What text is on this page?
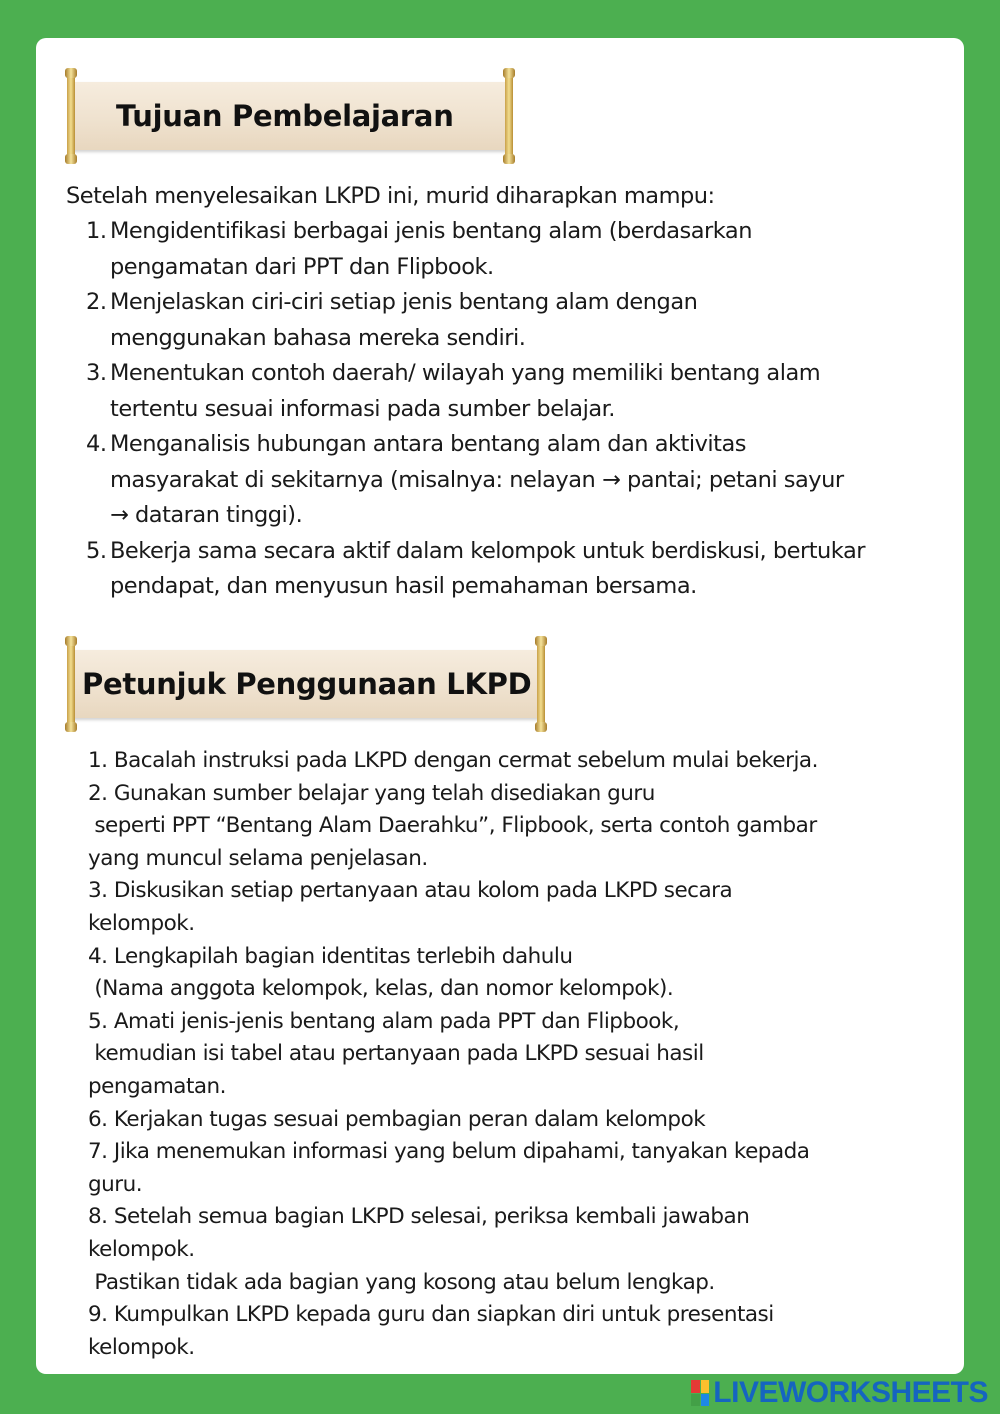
Tujuan Pembelajaran
Setelah menyelesaikan LKPD ini, murid diharapkan mampu:
1. Mengidentifikasi berbagai jenis bentang alam (berdasarkan
pengamatan dari PPT dan Flipbook.
2. Menjelaskan ciri-ciri setiap jenis bentang alam dengan
menggunakan bahasa mereka sendiri.
3. Menentukan contoh daerah/ wilayah yang memiliki bentang alam
tertentu sesuai informasi pada sumber belajar.
4. Menganalisis hubungan antara bentang alam dan aktivitas
masyarakat di sekitarnya (misalnya: nelayan → pantai; petani sayur
→ dataran tinggi).
5. Bekerja sama secara aktif dalam kelompok untuk berdiskusi, bertukar
pendapat, dan menyusun hasil pemahaman bersama.
Petunjuk Penggunaan LKPD
1. Bacalah instruksi pada LKPD dengan cermat sebelum mulai bekerja.
2. Gunakan sumber belajar yang telah disediakan guru
seperti PPT “Bentang Alam Daerahku”, Flipbook, serta contoh gambar
yang muncul selama penjelasan.
3. Diskusikan setiap pertanyaan atau kolom pada LKPD secara
kelompok.
4. Lengkapilah bagian identitas terlebih dahulu
(Nama anggota kelompok, kelas, dan nomor kelompok).
5. Amati jenis-jenis bentang alam pada PPT dan Flipbook,
kemudian isi tabel atau pertanyaan pada LKPD sesuai hasil
pengamatan.
6. Kerjakan tugas sesuai pembagian peran dalam kelompok
7. Jika menemukan informasi yang belum dipahami, tanyakan kepada
guru.
8. Setelah semua bagian LKPD selesai, periksa kembali jawaban
kelompok.
Pastikan tidak ada bagian yang kosong atau belum lengkap.
9. Kumpulkan LKPD kepada guru dan siapkan diri untuk presentasi
kelompok.
LIVEWORKSHEETS
